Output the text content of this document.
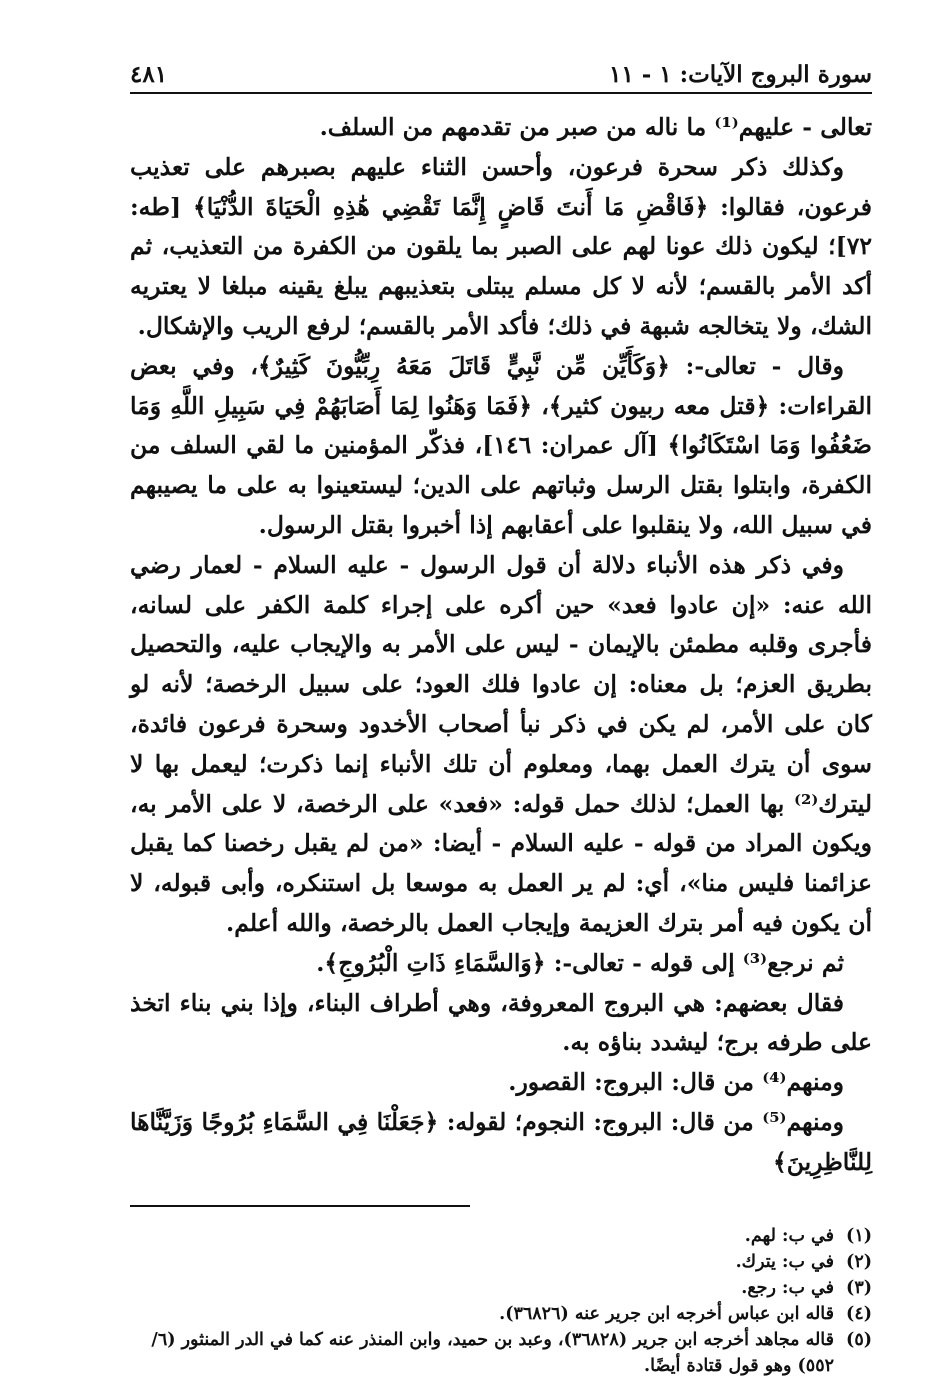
سورة البروج الآيات: ١ - ١١
٤٨١

تعالى - عليهم⁽¹⁾ ما ناله من صبر من تقدمهم من السلف.

وكذلك ذكر سحرة فرعون، وأحسن الثناء عليهم بصبرهم على تعذيب فرعون، فقالوا: ﴿فَاقْضِ مَا أَنتَ قَاضٍ إِنَّمَا تَقْضِي هَٰذِهِ الْحَيَاةَ الدُّنْيَا﴾ [طه: ٧٢]؛ ليكون ذلك عونا لهم على الصبر بما يلقون من الكفرة من التعذيب، ثم أكد الأمر بالقسم؛ لأنه لا كل مسلم يبتلى بتعذيبهم يبلغ يقينه مبلغا لا يعتريه الشك، ولا يتخالجه شبهة في ذلك؛ فأكد الأمر بالقسم؛ لرفع الريب والإشكال.

وقال - تعالى-: ﴿وَكَأَيِّن مِّن نَّبِيٍّ قَاتَلَ مَعَهُ رِبِّيُّونَ كَثِيرٌ﴾، وفي بعض القراءات: ﴿قتل معه ربيون كثير﴾، ﴿فَمَا وَهَنُوا لِمَا أَصَابَهُمْ فِي سَبِيلِ اللَّهِ وَمَا ضَعُفُوا وَمَا اسْتَكَانُوا﴾ [آل عمران: ١٤٦]، فذكّر المؤمنين ما لقي السلف من الكفرة، وابتلوا بقتل الرسل وثباتهم على الدين؛ ليستعينوا به على ما يصيبهم في سبيل الله، ولا ينقلبوا على أعقابهم إذا أخبروا بقتل الرسول.

وفي ذكر هذه الأنباء دلالة أن قول الرسول - عليه السلام - لعمار رضي الله عنه: «إن عادوا فعد» حين أكره على إجراء كلمة الكفر على لسانه، فأجرى وقلبه مطمئن بالإيمان - ليس على الأمر به والإيجاب عليه، والتحصيل بطريق العزم؛ بل معناه: إن عادوا فلك العود؛ على سبيل الرخصة؛ لأنه لو كان على الأمر، لم يكن في ذكر نبأ أصحاب الأخدود وسحرة فرعون فائدة، سوى أن يترك العمل بهما، ومعلوم أن تلك الأنباء إنما ذكرت؛ ليعمل بها لا ليترك⁽²⁾ بها العمل؛ لذلك حمل قوله: «فعد» على الرخصة، لا على الأمر به، ويكون المراد من قوله - عليه السلام - أيضا: «من لم يقبل رخصنا كما يقبل عزائمنا فليس منا»، أي: لم ير العمل به موسعا بل استنكره، وأبى قبوله، لا أن يكون فيه أمر بترك العزيمة وإيجاب العمل بالرخصة، والله أعلم.

ثم نرجع⁽³⁾ إلى قوله - تعالى-: ﴿وَالسَّمَاءِ ذَاتِ الْبُرُوجِ﴾.

فقال بعضهم: هي البروج المعروفة، وهي أطراف البناء، وإذا بني بناء اتخذ على طرفه برج؛ ليشدد بناؤه به.

ومنهم⁽⁴⁾ من قال: البروج: القصور.

ومنهم⁽⁵⁾ من قال: البروج: النجوم؛ لقوله: ﴿جَعَلْنَا فِي السَّمَاءِ بُرُوجًا وَزَيَّنَّاهَا لِلنَّاظِرِينَ﴾

(١)
في ب: لهم.
(٢)
في ب: يترك.
(٣)
في ب: رجع.
(٤)
قاله ابن عباس أخرجه ابن جرير عنه (٣٦٨٢٦).
(٥)
قاله مجاهد أخرجه ابن جرير (٣٦٨٢٨)، وعبد بن حميد، وابن المنذر عنه كما في الدر المنثور (٦/ ٥٥٢) وهو قول قتادة أيضًا.
